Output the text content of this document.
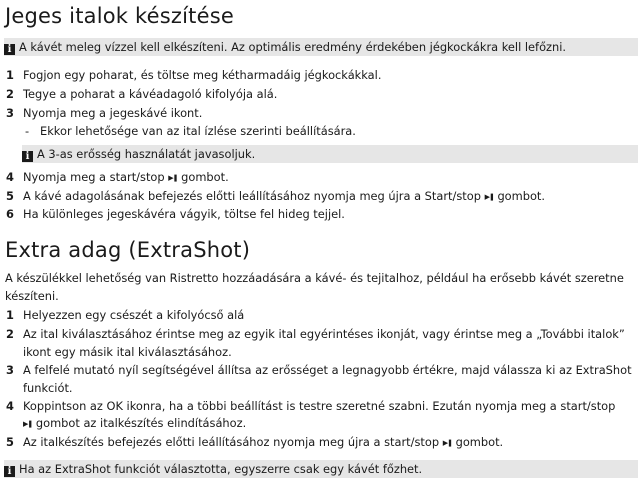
Jeges italok készítése
i A kávét meleg vízzel kell elkészíteni. Az optimális eredmény érdekében jégkockákra kell lefőzni.
1 Fogjon egy poharat, és töltse meg kétharmadáig jégkockákkal.
2 Tegye a poharat a kávéadagoló kifolyója alá.
3 Nyomja meg a jegeskávé ikont.
- Ekkor lehetősége van az ital ízlése szerinti beállítására.
i A 3-as erősség használatát javasoljuk.
4 Nyomja meg a start/stop ▶❚ gombot.
5 A kávé adagolásának befejezés előtti leállításához nyomja meg újra a Start/stop ▶❚ gombot.
6 Ha különleges jegeskávéra vágyik, töltse fel hideg tejjel.
Extra adag (ExtraShot)
A készülékkel lehetőség van Ristretto hozzáadására a kávé- és tejitalhoz, például ha erősebb kávét szeretne
készíteni.
1 Helyezzen egy csészét a kifolyócső alá
2 Az ital kiválasztásához érintse meg az egyik ital egyérintéses ikonját, vagy érintse meg a „További italok”
ikont egy másik ital kiválasztásához.
3 A felfelé mutató nyíl segítségével állítsa az erősséget a legnagyobb értékre, majd válassza ki az ExtraShot
funkciót.
4 Koppintson az OK ikonra, ha a többi beállítást is testre szeretné szabni. Ezután nyomja meg a start/stop
▶❚ gombot az italkészítés elindításához.
5 Az italkészítés befejezés előtti leállításához nyomja meg újra a start/stop ▶❚ gombot.
i Ha az ExtraShot funkciót választotta, egyszerre csak egy kávét főzhet.
